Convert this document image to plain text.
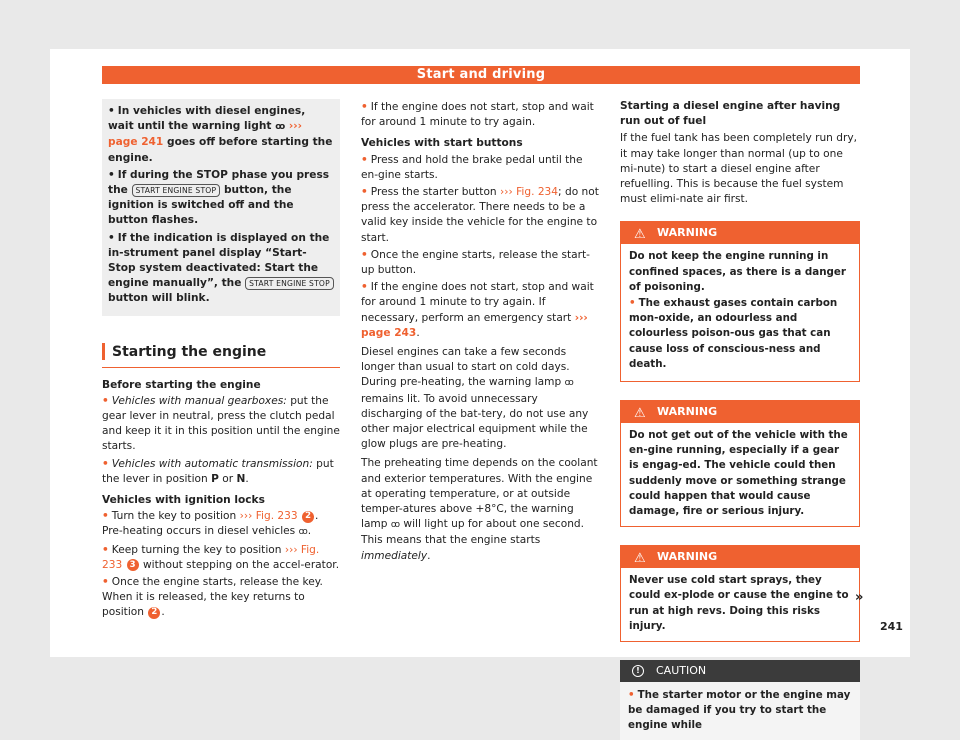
Start and driving
• In vehicles with diesel engines, wait until the warning light ꝏ ››› page 241 goes off before starting the engine.
• If during the STOP phase you press the START ENGINE STOP button, the ignition is switched off and the button flashes.
• If the indication is displayed on the in-strument panel display “Start-Stop system deactivated: Start the engine manually”, the START ENGINE STOP button will blink.
Starting the engine
Before starting the engine
• Vehicles with manual gearboxes: put the gear lever in neutral, press the clutch pedal and keep it it in this position until the engine starts.
• Vehicles with automatic transmission: put the lever in position P or N.
Vehicles with ignition locks
• Turn the key to position ››› Fig. 233 2 . Pre-heating occurs in diesel vehicles ꝏ.
• Keep turning the key to position ››› Fig. 233 3 without stepping on the accel-erator.
• Once the engine starts, release the key. When it is released, the key returns to position 2 .
• If the engine does not start, stop and wait for around 1 minute to try again.
Vehicles with start buttons
• Press and hold the brake pedal until the en-gine starts.
• Press the starter button ››› Fig. 234; do not press the accelerator. There needs to be a valid key inside the vehicle for the engine to start.
• Once the engine starts, release the start-up button.
• If the engine does not start, stop and wait for around 1 minute to try again. If necessary, perform an emergency start ››› page 243.
Diesel engines can take a few seconds longer than usual to start on cold days. During pre-heating, the warning lamp ꝏ remains lit. To avoid unnecessary discharging of the bat-tery, do not use any other major electrical equipment while the glow plugs are pre-heating.
The preheating time depends on the coolant and exterior temperatures. With the engine at operating temperature, or at outside temper-atures above +8°C, the warning lamp ꝏ will light up for about one second. This means that the engine starts immediately.
Starting a diesel engine after having run out of fuel
If the fuel tank has been completely run dry, it may take longer than normal (up to one mi-nute) to start a diesel engine after refuelling. This is because the fuel system must elimi-nate air first.
⚠ WARNING
Do not keep the engine running in confined spaces, as there is a danger of poisoning.
• The exhaust gases contain carbon mon-oxide, an odourless and colourless poison-ous gas that can cause loss of conscious-ness and death.
⚠ WARNING
Do not get out of the vehicle with the en-gine running, especially if a gear is engag-ed. The vehicle could then suddenly move or something strange could happen that would cause damage, fire or serious injury.
⚠ WARNING
Never use cold start sprays, they could ex-plode or cause the engine to run at high revs. Doing this risks injury.
!	CAUTION
• The starter motor or the engine may be damaged if you try to start the engine while
»
241
